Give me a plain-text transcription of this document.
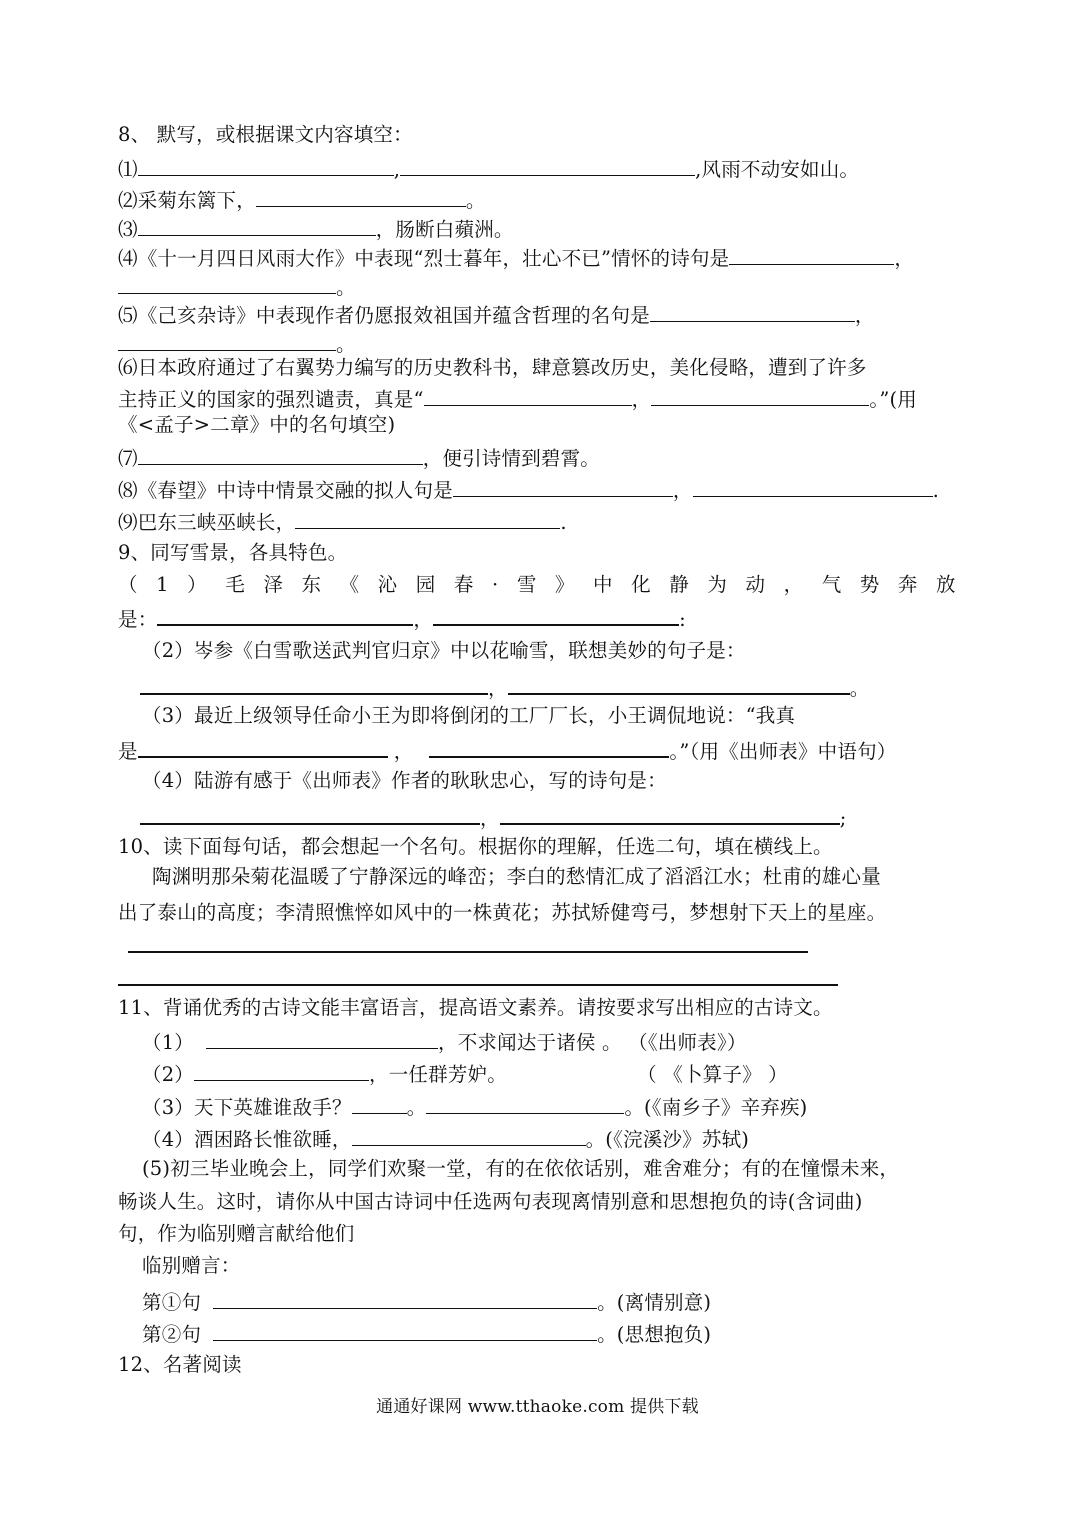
8、 默写，或根据课文内容填空：
⑴	,	,风雨不动安如山。
⑵采菊东篱下，	。
⑶	，肠断白蘋洲。
⑷《十一月四日风雨大作》中表现“烈士暮年，壮心不已”情怀的诗句是	，
。
⑸《己亥杂诗》中表现作者仍愿报效祖国并蕴含哲理的名句是	，
。
⑹日本政府通过了右翼势力编写的历史教科书，肆意篡改历史，美化侵略，遭到了许多
主持正义的国家的强烈谴责，真是“	，	。”(用
《<孟子>二章》中的名句填空)
⑺	，便引诗情到碧霄。
⑻《春望》中诗中情景交融的拟人句是	，	.
⑼巴东三峡巫峡长，	.
9、同写雪景，各具特色。
（ 1 ） 毛 泽 东 《 沁 园 春 · 雪 》 中 化 静 为 动 ， 气 势 奔 放
是：	，	:
（2）岑参《白雪歌送武判官归京》中以花喻雪，联想美妙的句子是：
，	。
（3）最近上级领导任命小王为即将倒闭的工厂厂长，小王调侃地说：“我真
是	，	。”（用《出师表》中语句）
（4）陆游有感于《出师表》作者的耿耿忠心，写的诗句是：
，	;
10、读下面每句话，都会想起一个名句。根据你的理解，任选二句，填在横线上。
陶渊明那朵菊花温暖了宁静深远的峰峦；李白的愁情汇成了滔滔江水；杜甫的雄心量
出了泰山的高度；李清照憔悴如风中的一株黄花；苏拭矫健弯弓，梦想射下天上的星座。
11、背诵优秀的古诗文能丰富语言，提高语文素养。请按要求写出相应的古诗文。
（1）	，不求闻达于诸侯 。 （《出师表》）
（2）	，一任群芳妒。	（ 《卜算子》 ）
（3）天下英雄谁敌手？	。	。(《南乡子》辛弃疾)
（4）酒困路长惟欲睡，	。(《浣溪沙》苏轼)
(5)初三毕业晚会上，同学们欢聚一堂，有的在依依话别，难舍难分；有的在憧憬未来，
畅谈人生。这时，请你从中国古诗词中任选两句表现离情别意和思想抱负的诗(含词曲)
句，作为临别赠言献给他们
临别赠言：
第①句	。(离情别意)
第②句	。(思想抱负)
12、名著阅读
通通好课网 www.tthaoke.com 提供下载
